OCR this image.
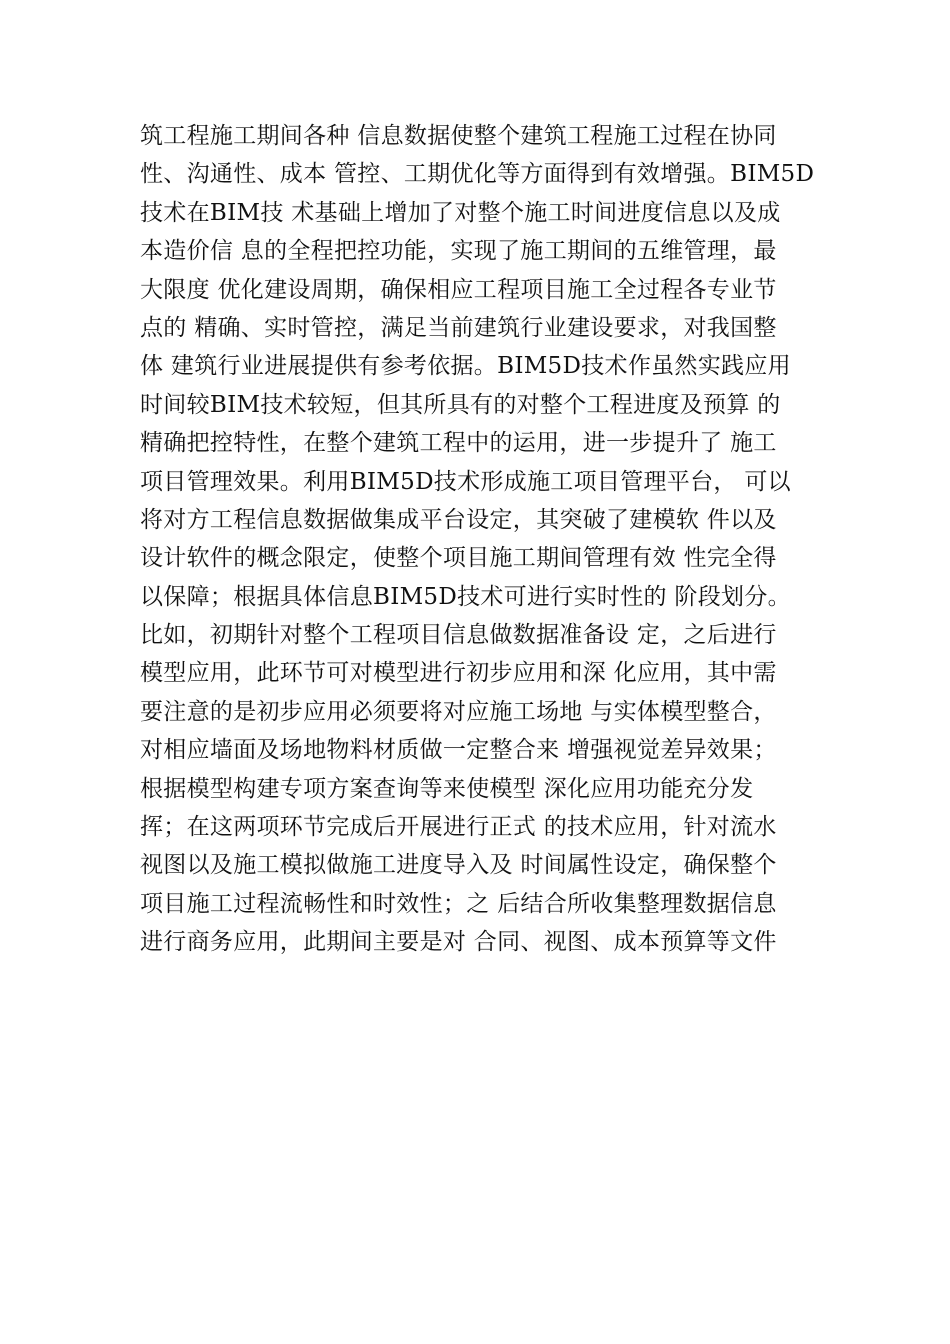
筑工程施工期间各种 信息数据使整个建筑工程施工过程在协同
性、沟通性、成本 管控、工期优化等方面得到有效增强。BIM5D
技术在BIM技 术基础上增加了对整个施工时间进度信息以及成
本造价信 息的全程把控功能，实现了施工期间的五维管理，最
大限度 优化建设周期，确保相应工程项目施工全过程各专业节
点的 精确、实时管控，满足当前建筑行业建设要求，对我国整
体 建筑行业进展提供有参考依据。BIM5D技术作虽然实践应用
时间较BIM技术较短，但其所具有的对整个工程进度及预算 的
精确把控特性，在整个建筑工程中的运用，进一步提升了 施工
项目管理效果。利用BIM5D技术形成施工项目管理平台， 可以
将对方工程信息数据做集成平台设定，其突破了建模软 件以及
设计软件的概念限定，使整个项目施工期间管理有效 性完全得
以保障；根据具体信息BIM5D技术可进行实时性的 阶段划分。
比如，初期针对整个工程项目信息做数据准备设 定，之后进行
模型应用，此环节可对模型进行初步应用和深 化应用，其中需
要注意的是初步应用必须要将对应施工场地 与实体模型整合，
对相应墙面及场地物料材质做一定整合来 增强视觉差异效果；
根据模型构建专项方案查询等来使模型 深化应用功能充分发
挥；在这两项环节完成后开展进行正式 的技术应用，针对流水
视图以及施工模拟做施工进度导入及 时间属性设定，确保整个
项目施工过程流畅性和时效性；之 后结合所收集整理数据信息
进行商务应用，此期间主要是对 合同、视图、成本预算等文件
